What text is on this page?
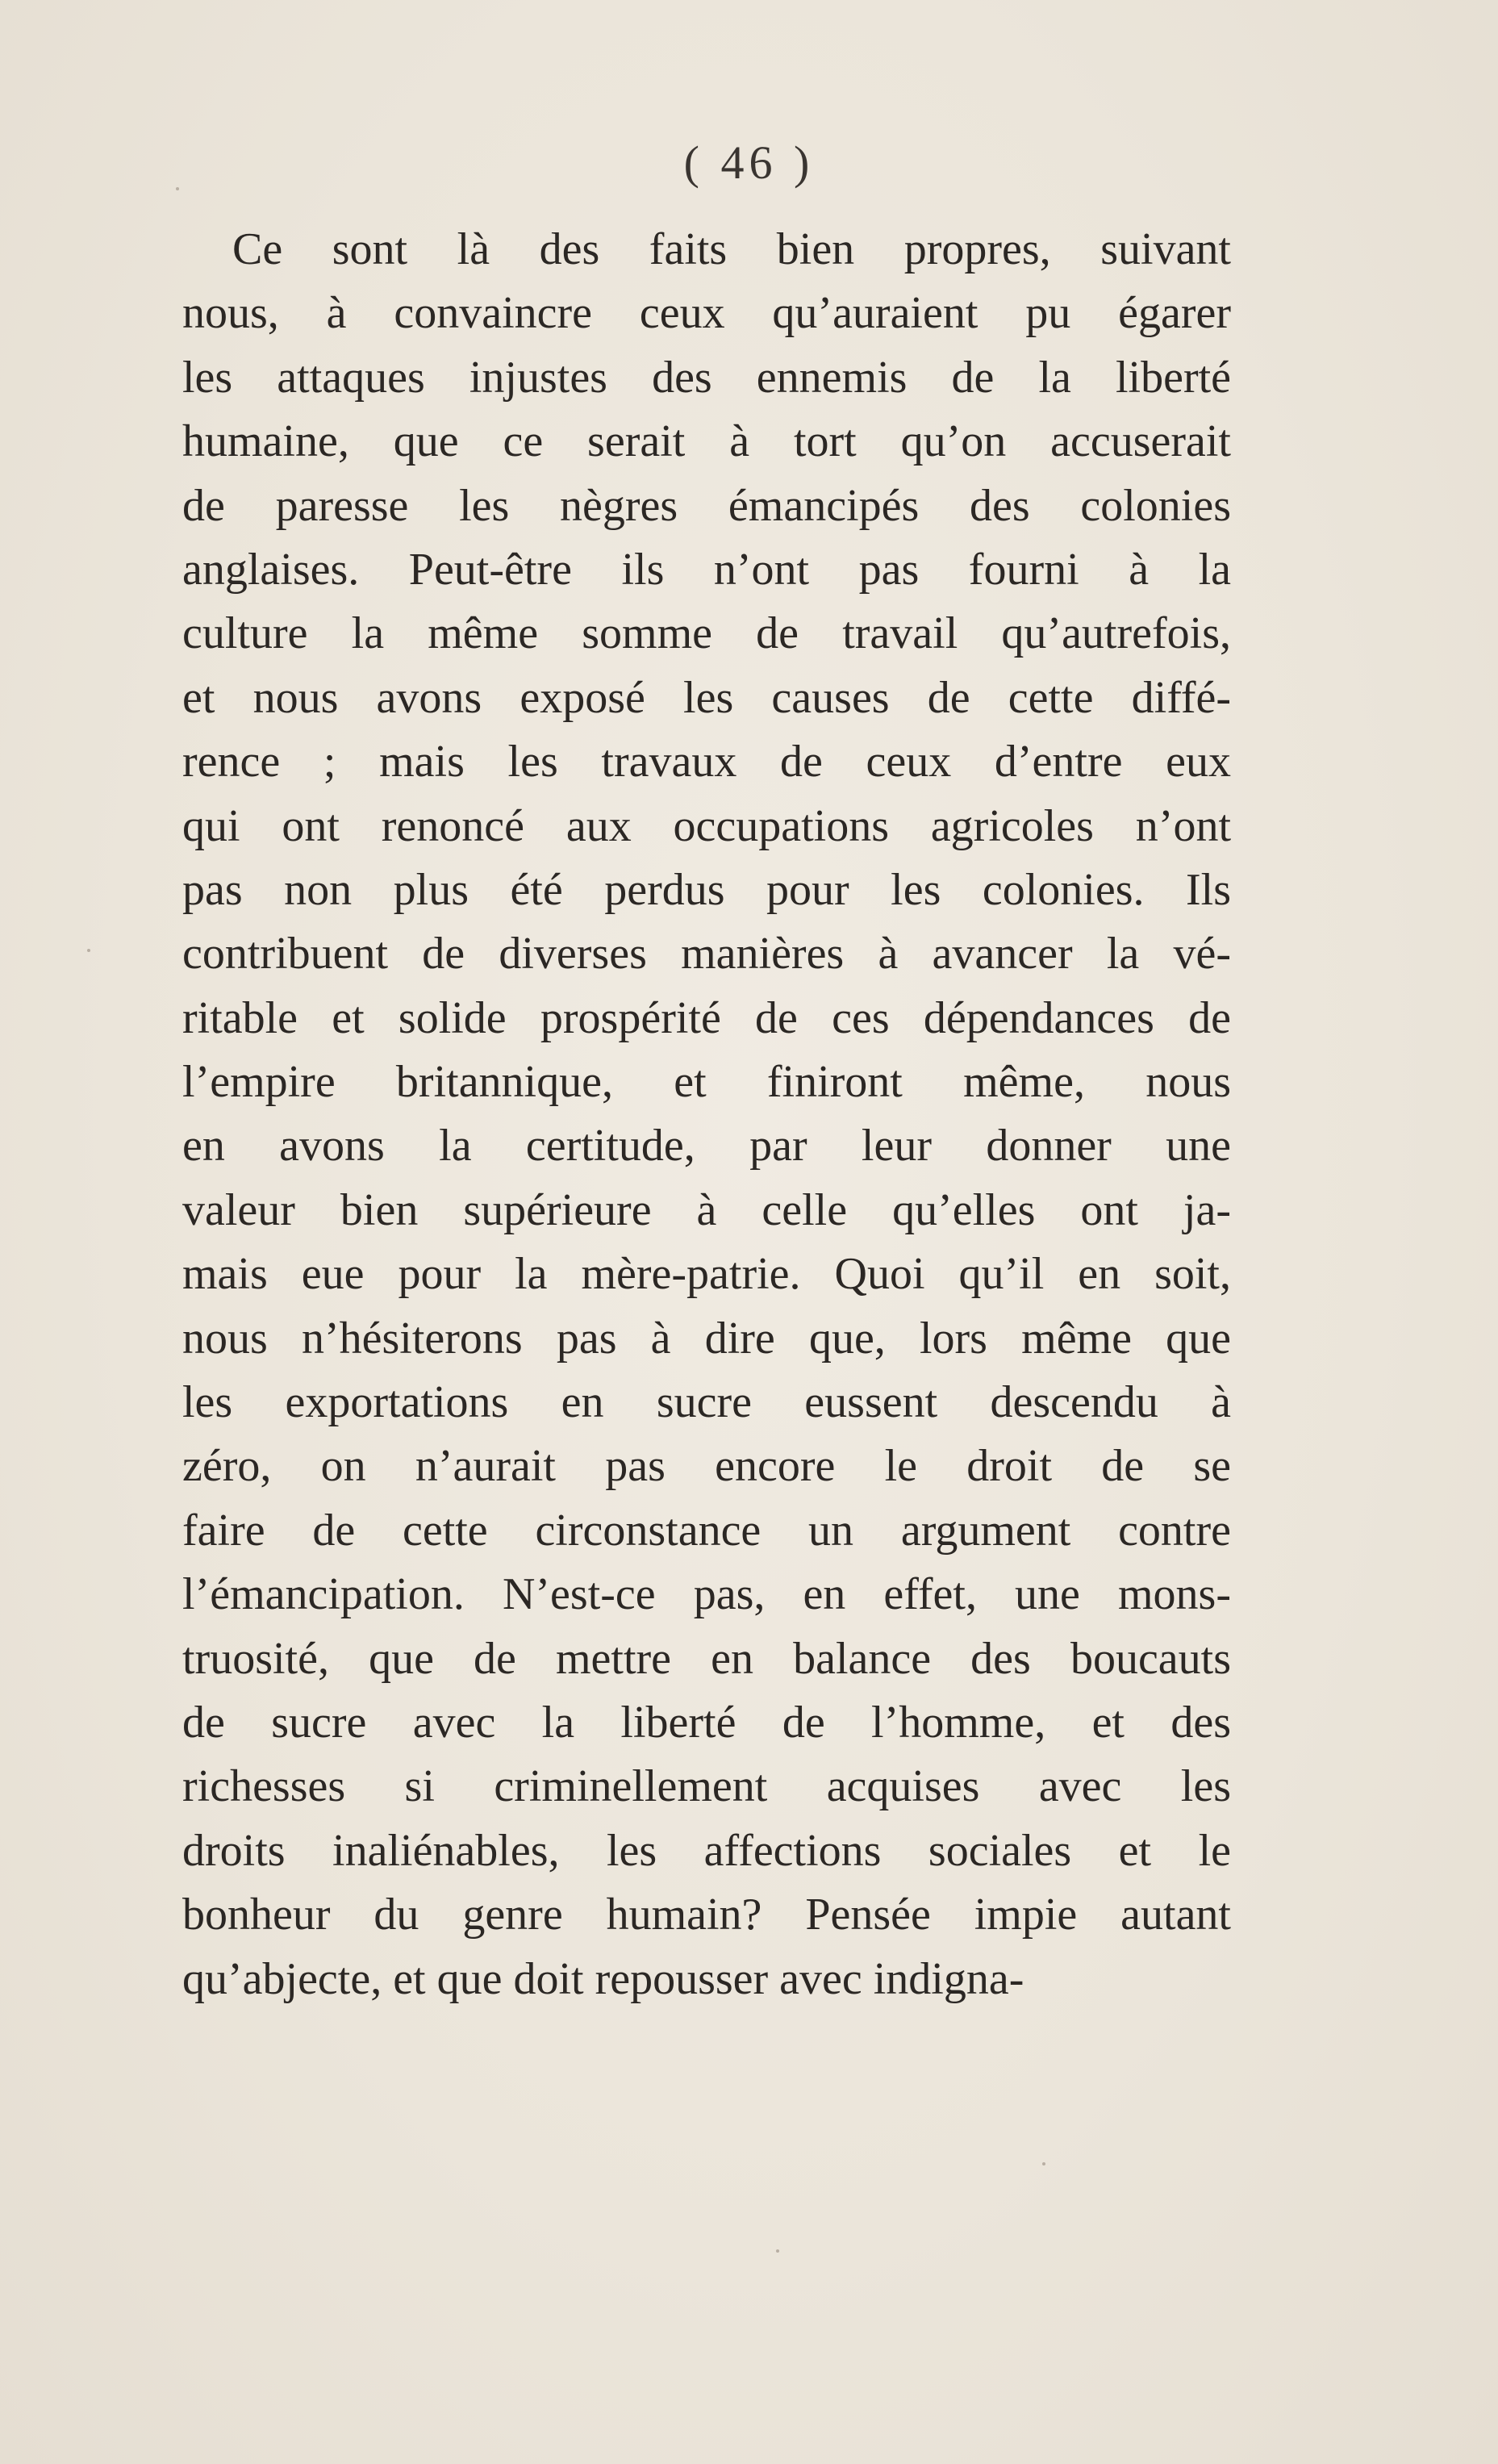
( 46 )
Ce sont là des faits bien propres, suivant
nous, à convaincre ceux qu’auraient pu égarer
les attaques injustes des ennemis de la liberté
humaine, que ce serait à tort qu’on accuserait
de paresse les nègres émancipés des colonies
anglaises. Peut-être ils n’ont pas fourni à la
culture la même somme de travail qu’autrefois,
et nous avons exposé les causes de cette diffé-
rence ; mais les travaux de ceux d’entre eux
qui ont renoncé aux occupations agricoles n’ont
pas non plus été perdus pour les colonies. Ils
contribuent de diverses manières à avancer la vé-
ritable et solide prospérité de ces dépendances de
l’empire britannique, et finiront même, nous
en avons la certitude, par leur donner une
valeur bien supérieure à celle qu’elles ont ja-
mais eue pour la mère-patrie. Quoi qu’il en soit,
nous n’hésiterons pas à dire que, lors même que
les exportations en sucre eussent descendu à
zéro, on n’aurait pas encore le droit de se
faire de cette circonstance un argument contre
l’émancipation. N’est-ce pas, en effet, une mons-
truosité, que de mettre en balance des boucauts
de sucre avec la liberté de l’homme, et des
richesses si criminellement acquises avec les
droits inaliénables, les affections sociales et le
bonheur du genre humain? Pensée impie autant
qu’abjecte, et que doit repousser avec indigna-
